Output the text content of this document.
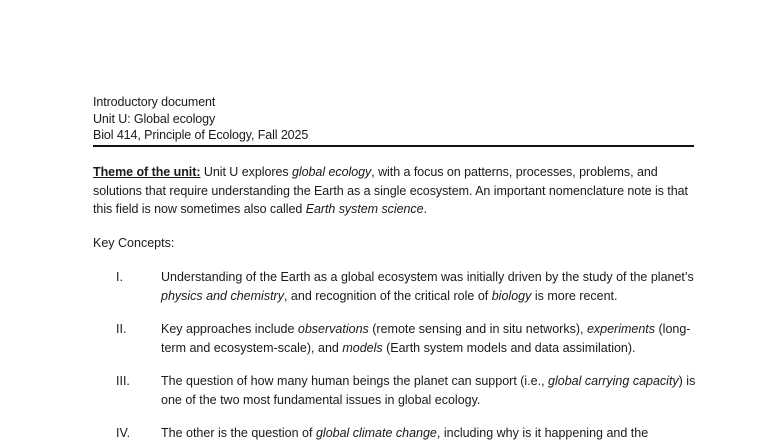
Introductory document
Unit U: Global ecology
Biol 414, Principle of Ecology, Fall 2025
Theme of the unit: Unit U explores global ecology, with a focus on patterns, processes, problems, and solutions that require understanding the Earth as a single ecosystem. An important nomenclature note is that this field is now sometimes also called Earth system science.
Key Concepts:
I.	Understanding of the Earth as a global ecosystem was initially driven by the study of the planet’s physics and chemistry, and recognition of the critical role of biology is more recent.
II.	Key approaches include observations (remote sensing and in situ networks), experiments (long-term and ecosystem-scale), and models (Earth system models and data assimilation).
III. The question of how many human beings the planet can support (i.e., global carrying capacity) is one of the two most fundamental issues in global ecology.
IV. The other is the question of global climate change, including why is it happening and the
